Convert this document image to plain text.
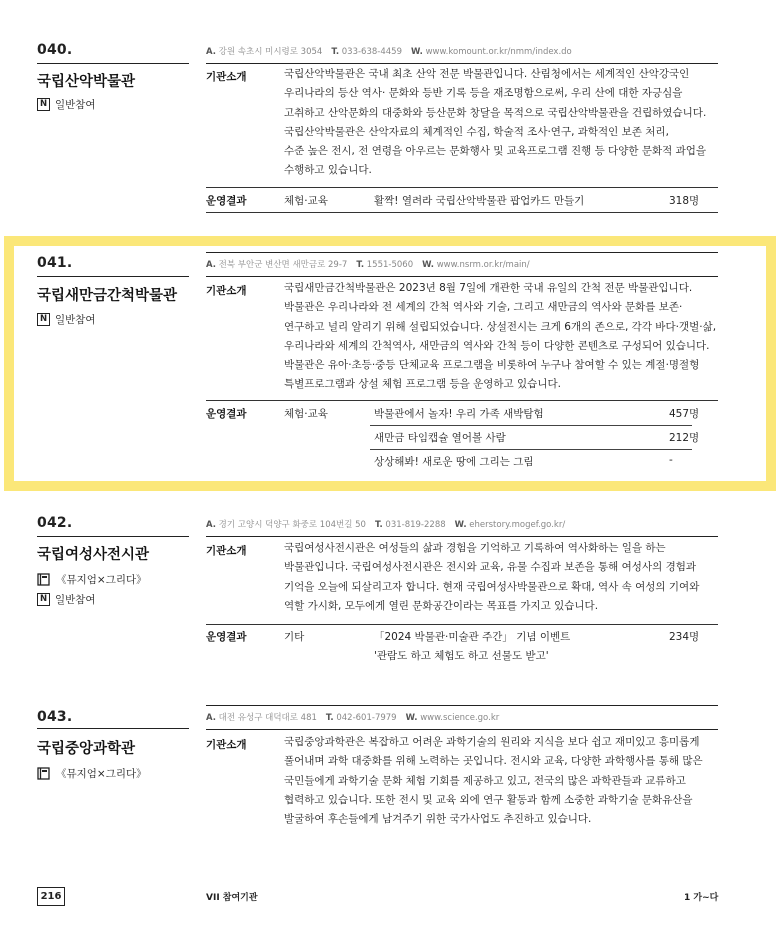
040.	A. 강원 속초시 미시령로 3054 T. 033-638-4459 W. www.komount.or.kr/nmm/index.do
국립산악박물관
N 일반참여
기관소개	국립산악박물관은 국내 최초 산악 전문 박물관입니다. 산림청에서는 세계적인 산악강국인

우리나라의 등산 역사· 문화와 등반 기록 등을 재조명함으로써, 우리 산에 대한 자긍심을

고취하고 산악문화의 대중화와 등산문화 창달을 목적으로 국립산악박물관을 건립하였습니다.

국립산악박물관은 산악자료의 체계적인 수집, 학술적 조사·연구, 과학적인 보존 처리,

수준 높은 전시, 전 연령을 아우르는 문화행사 및 교육프로그램 진행 등 다양한 문화적 과업을

수행하고 있습니다.

운영결과	체험·교육	활짝! 열려라 국립산악박물관 팝업카드 만들기	318명
041.	A. 전북 부안군 변산면 새만금로 29-7 T. 1551-5060 W. www.nsrm.or.kr/main/
국립새만금간척박물관
N 일반참여
기관소개	국립새만금간척박물관은 2023년 8월 7일에 개관한 국내 유일의 간척 전문 박물관입니다.

박물관은 우리나라와 전 세계의 간척 역사와 기술, 그리고 새만금의 역사와 문화를 보존·

연구하고 널리 알리기 위해 설립되었습니다. 상설전시는 크게 6개의 존으로, 각각 바다·갯벌·삶,

우리나라와 세계의 간척역사, 새만금의 역사와 간척 등이 다양한 콘텐츠로 구성되어 있습니다.

박물관은 유아·초등·중등 단체교육 프로그램을 비롯하여 누구나 참여할 수 있는 계절·명절형

특별프로그램과 상설 체험 프로그램 등을 운영하고 있습니다.

운영결과	체험·교육	박물관에서 놀자! 우리 가족 새박탐험	457명
새만금 타임캡슐 열어볼 사람	212명
상상해봐! 새로운 땅에 그리는 그림	-
042.	A. 경기 고양시 덕양구 화중로 104번길 50 T. 031-819-2288 W. eherstory.mogef.go.kr/
국립여성사전시관
《뮤지엄×그리다》
N 일반참여
기관소개	국립여성사전시관은 여성들의 삶과 경험을 기억하고 기록하여 역사화하는 일을 하는

박물관입니다. 국립여성사전시관은 전시와 교육, 유물 수집과 보존을 통해 여성사의 경험과

기억을 오늘에 되살리고자 합니다. 현재 국립여성사박물관으로 확대, 역사 속 여성의 기여와

역할 가시화, 모두에게 열린 문화공간이라는 목표를 가지고 있습니다.

운영결과	기타	「2024 박물관·미술관 주간」 기념 이벤트	234명
'관람도 하고 체험도 하고 선물도 받고'
043.	A. 대전 유성구 대덕대로 481 T. 042-601-7979 W. www.science.go.kr
국립중앙과학관
《뮤지엄×그리다》
기관소개	국립중앙과학관은 복잡하고 어려운 과학기술의 원리와 지식을 보다 쉽고 재미있고 흥미롭게

풀어내며 과학 대중화를 위해 노력하는 곳입니다. 전시와 교육, 다양한 과학행사를 통해 많은

국민들에게 과학기술 문화 체험 기회를 제공하고 있고, 전국의 많은 과학관들과 교류하고

협력하고 있습니다. 또한 전시 및 교육 외에 연구 활동과 함께 소중한 과학기술 문화유산을

발굴하여 후손들에게 남겨주기 위한 국가사업도 추진하고 있습니다.

216	VII 참여기관	1 가~다
